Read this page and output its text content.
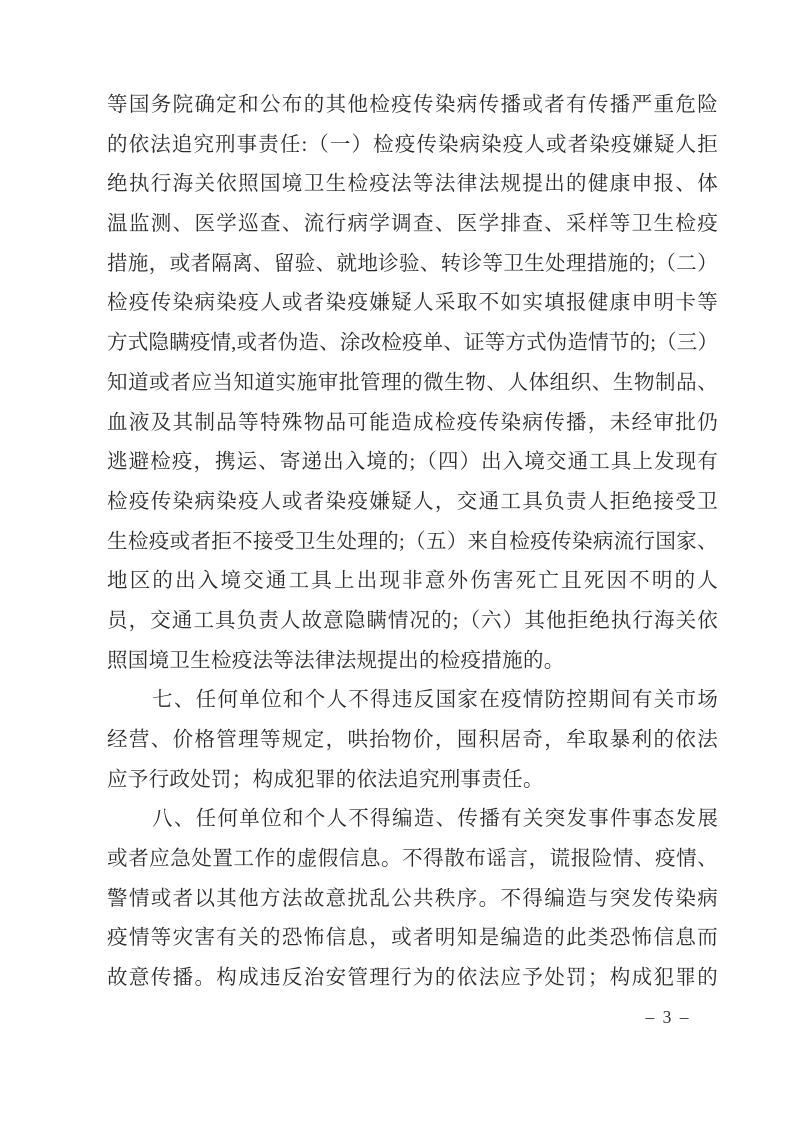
等 国 务 院 确 定 和 公 布 的 其 他 检 疫 传 染 病 传 播 或 者 有 传 播 严 重 危 险
的 依 法 追 究 刑 事 责 任 : （ 一 ） 检 疫 传 染 病 染 疫 人 或 者 染 疫 嫌 疑 人 拒
绝 执 行 海 关 依 照 国 境 卫 生 检 疫 法 等 法 律 法 规 提 出 的 健 康 申 报 、 体
温 监 测 、 医 学 巡 查 、 流 行 病 学 调 查 、 医 学 排 查 、 采 样 等 卫 生 检 疫
措 施 ， 或 者 隔 离 、 留 验 、 就 地 诊 验 、 转 诊 等 卫 生 处 理 措 施 的 ; （ 二 ）
检 疫 传 染 病 染 疫 人 或 者 染 疫 嫌 疑 人 采 取 不 如 实 填 报 健 康 申 明 卡 等
方 式 隐 瞒 疫 情 , 或 者 伪 造 、 涂 改 检 疫 单 、 证 等 方 式 伪 造 情 节 的 ; （ 三 ）
知 道 或 者 应 当 知 道 实 施 审 批 管 理 的 微 生 物 、 人 体 组 织 、 生 物 制 品 、
血 液 及 其 制 品 等 特 殊 物 品 可 能 造 成 检 疫 传 染 病 传 播 ， 未 经 审 批 仍
逃 避 检 疫 ， 携 运 、 寄 递 出 入 境 的 ; （ 四 ） 出 入 境 交 通 工 具 上 发 现 有
检 疫 传 染 病 染 疫 人 或 者 染 疫 嫌 疑 人 ， 交 通 工 具 负 责 人 拒 绝 接 受 卫
生 检 疫 或 者 拒 不 接 受 卫 生 处 理 的 ; （ 五 ） 来 自 检 疫 传 染 病 流 行 国 家 、
地 区 的 出 入 境 交 通 工 具 上 出 现 非 意 外 伤 害 死 亡 且 死 因 不 明 的 人
员 ， 交 通 工 具 负 责 人 故 意 隐 瞒 情 况 的 ; （ 六 ） 其 他 拒 绝 执 行 海 关 依
照 国 境 卫 生 检 疫 法 等 法 律 法 规 提 出 的 检 疫 措 施 的 。
七 、 任 何 单 位 和 个 人 不 得 违 反 国 家 在 疫 情 防 控 期 间 有 关 市 场
经 营 、 价 格 管 理 等 规 定 ， 哄 抬 物 价 ， 囤 积 居 奇 ， 牟 取 暴 利 的 依 法
应 予 行 政 处 罚 ； 构 成 犯 罪 的 依 法 追 究 刑 事 责 任 。
八 、 任 何 单 位 和 个 人 不 得 编 造 、 传 播 有 关 突 发 事 件 事 态 发 展
或 者 应 急 处 置 工 作 的 虚 假 信 息 。 不 得 散 布 谣 言 ， 谎 报 险 情 、 疫 情 、
警 情 或 者 以 其 他 方 法 故 意 扰 乱 公 共 秩 序 。 不 得 编 造 与 突 发 传 染 病
疫 情 等 灾 害 有 关 的 恐 怖 信 息 ， 或 者 明 知 是 编 造 的 此 类 恐 怖 信 息 而
故 意 传 播 。 构 成 违 反 治 安 管 理 行 为 的 依 法 应 予 处 罚 ； 构 成 犯 罪 的
– 3 –
